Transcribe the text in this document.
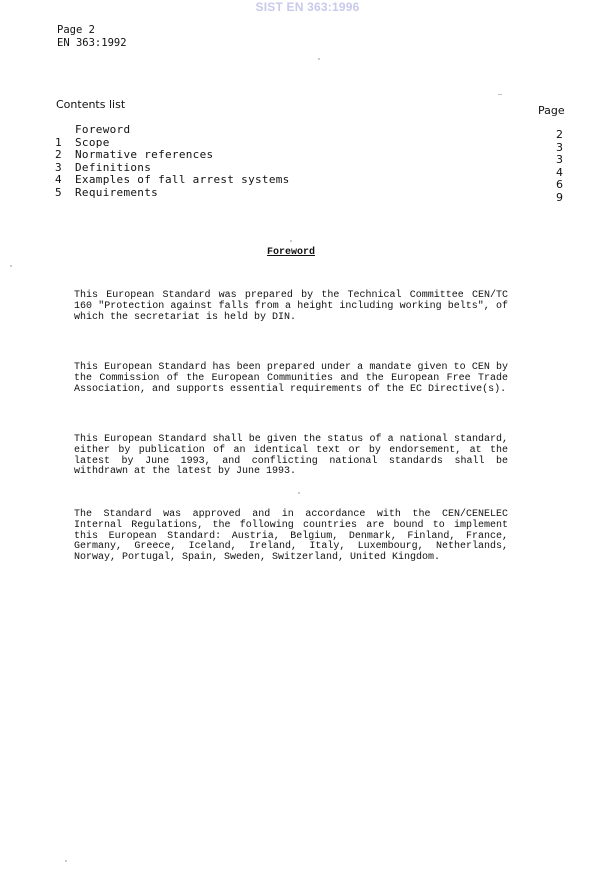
SIST EN 363:1996
Page 2
EN 363:1992
Contents list	Page
Foreword	2
1	Scope	3
2	Normative references	3
3	Definitions	4
4	Examples of fall arrest systems	6
5	Requirements	9
Foreword

This European Standard was prepared by the Technical Committee CEN/TC 160 "Protection against falls from a height including working belts", of which the secretariat is held by DIN.

This European Standard has been prepared under a mandate given to CEN by the Commission of the European Communities and the European Free Trade Association, and supports essential requirements of the EC Directive(s).

This European Standard shall be given the status of a national standard, either by publication of an identical text or by endorsement, at the latest by June 1993, and conflicting national standards shall be withdrawn at the latest by June 1993.

The Standard was approved and in accordance with the CEN/CENELEC Internal Regulations, the following countries are bound to implement this European Standard: Austria, Belgium, Denmark, Finland, France, Germany, Greece, Iceland, Ireland, Italy, Luxembourg, Netherlands, Norway, Portugal, Spain, Sweden, Switzerland, United Kingdom.
